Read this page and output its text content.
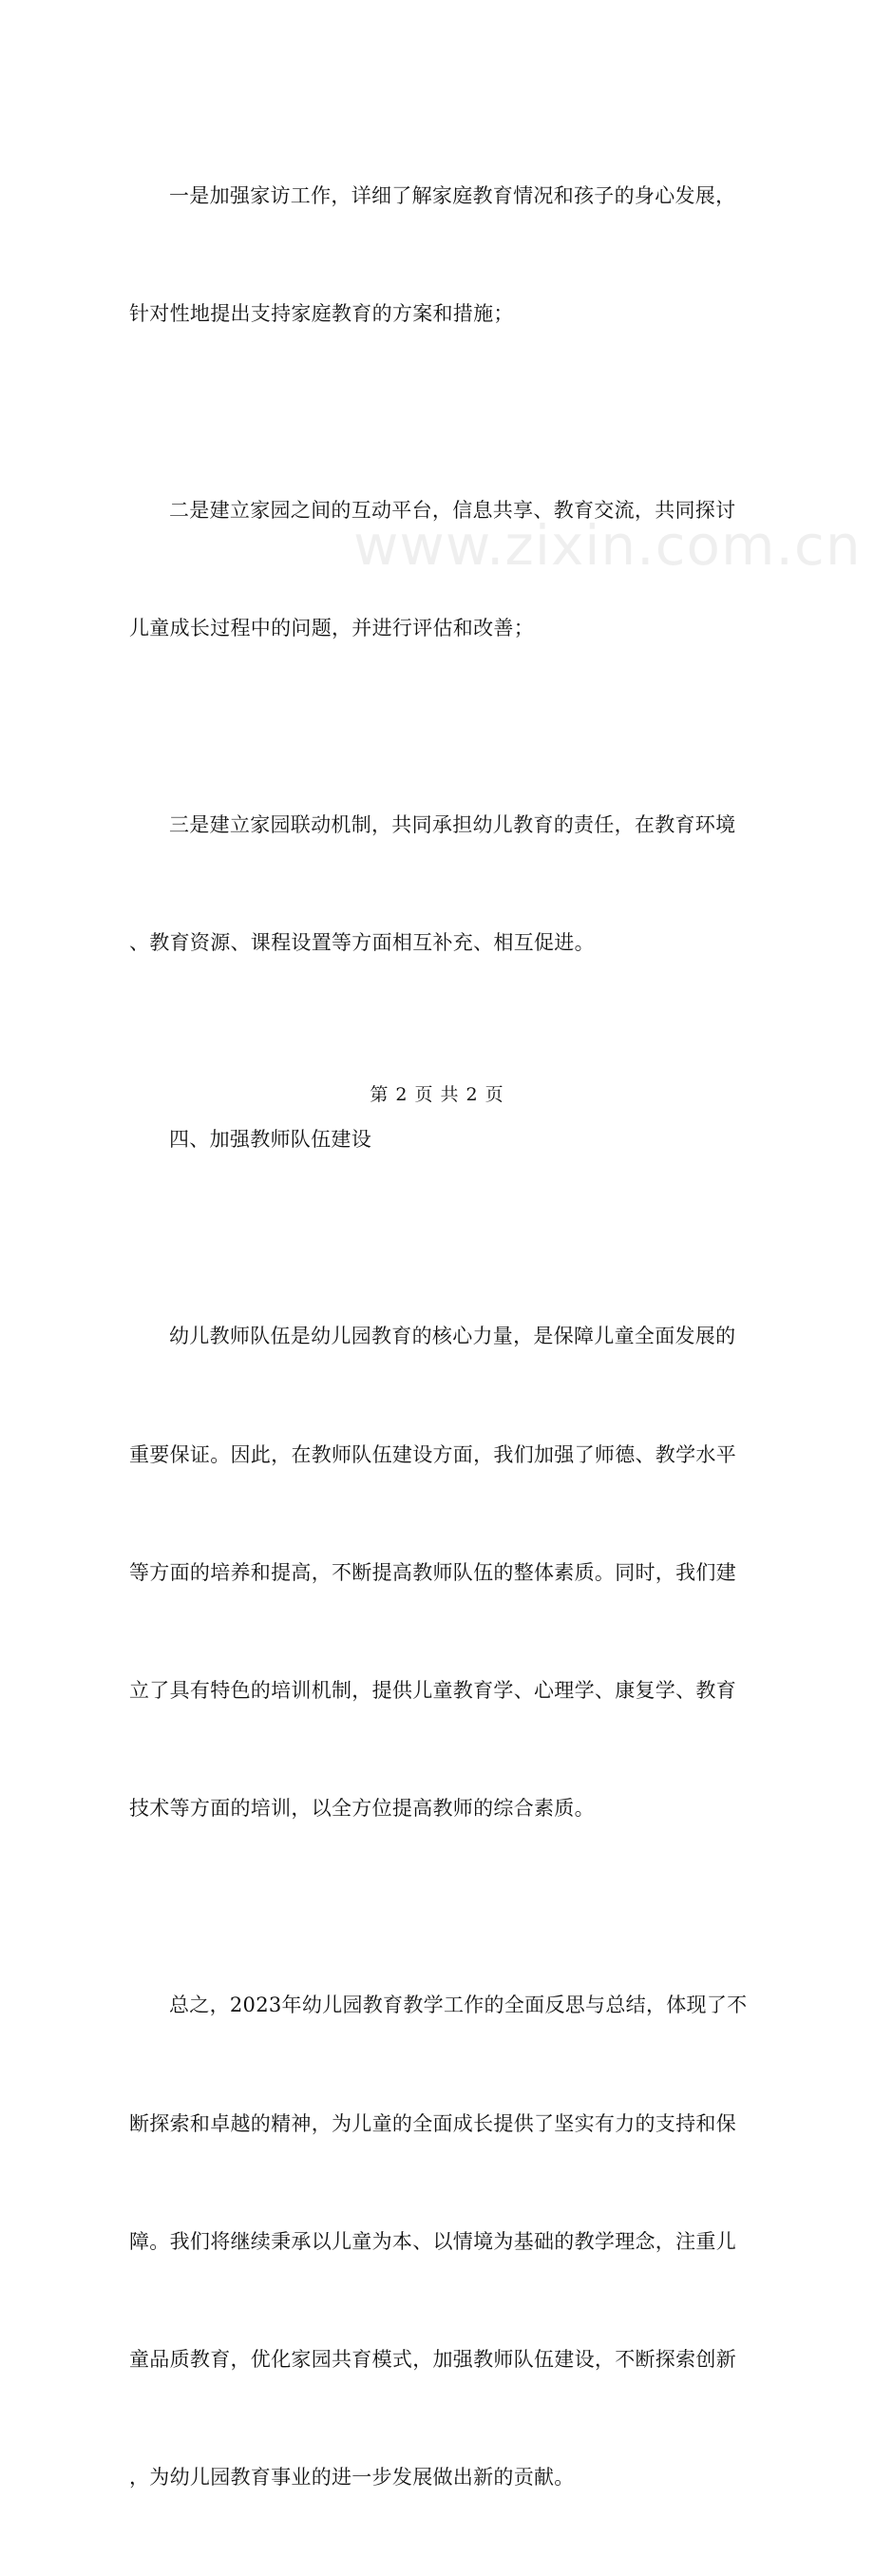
一是加强家访工作，详细了解家庭教育情况和孩子的身心发展，

针对性地提出支持家庭教育的方案和措施；

二是建立家园之间的互动平台，信息共享、教育交流，共同探讨

儿童成长过程中的问题，并进行评估和改善；

三是建立家园联动机制，共同承担幼儿教育的责任，在教育环境

、教育资源、课程设置等方面相互补充、相互促进。

四、加强教师队伍建设

幼儿教师队伍是幼儿园教育的核心力量，是保障儿童全面发展的

重要保证。因此，在教师队伍建设方面，我们加强了师德、教学水平

等方面的培养和提高，不断提高教师队伍的整体素质。同时，我们建

立了具有特色的培训机制，提供儿童教育学、心理学、康复学、教育

技术等方面的培训，以全方位提高教师的综合素质。

总之，2023年幼儿园教育教学工作的全面反思与总结，体现了不

断探索和卓越的精神，为儿童的全面成长提供了坚实有力的支持和保

障。我们将继续秉承以儿童为本、以情境为基础的教学理念，注重儿

童品质教育，优化家园共育模式，加强教师队伍建设，不断探索创新

，为幼儿园教育事业的进一步发展做出新的贡献。

www.zixin.com.cn
第 2 页 共 2 页
